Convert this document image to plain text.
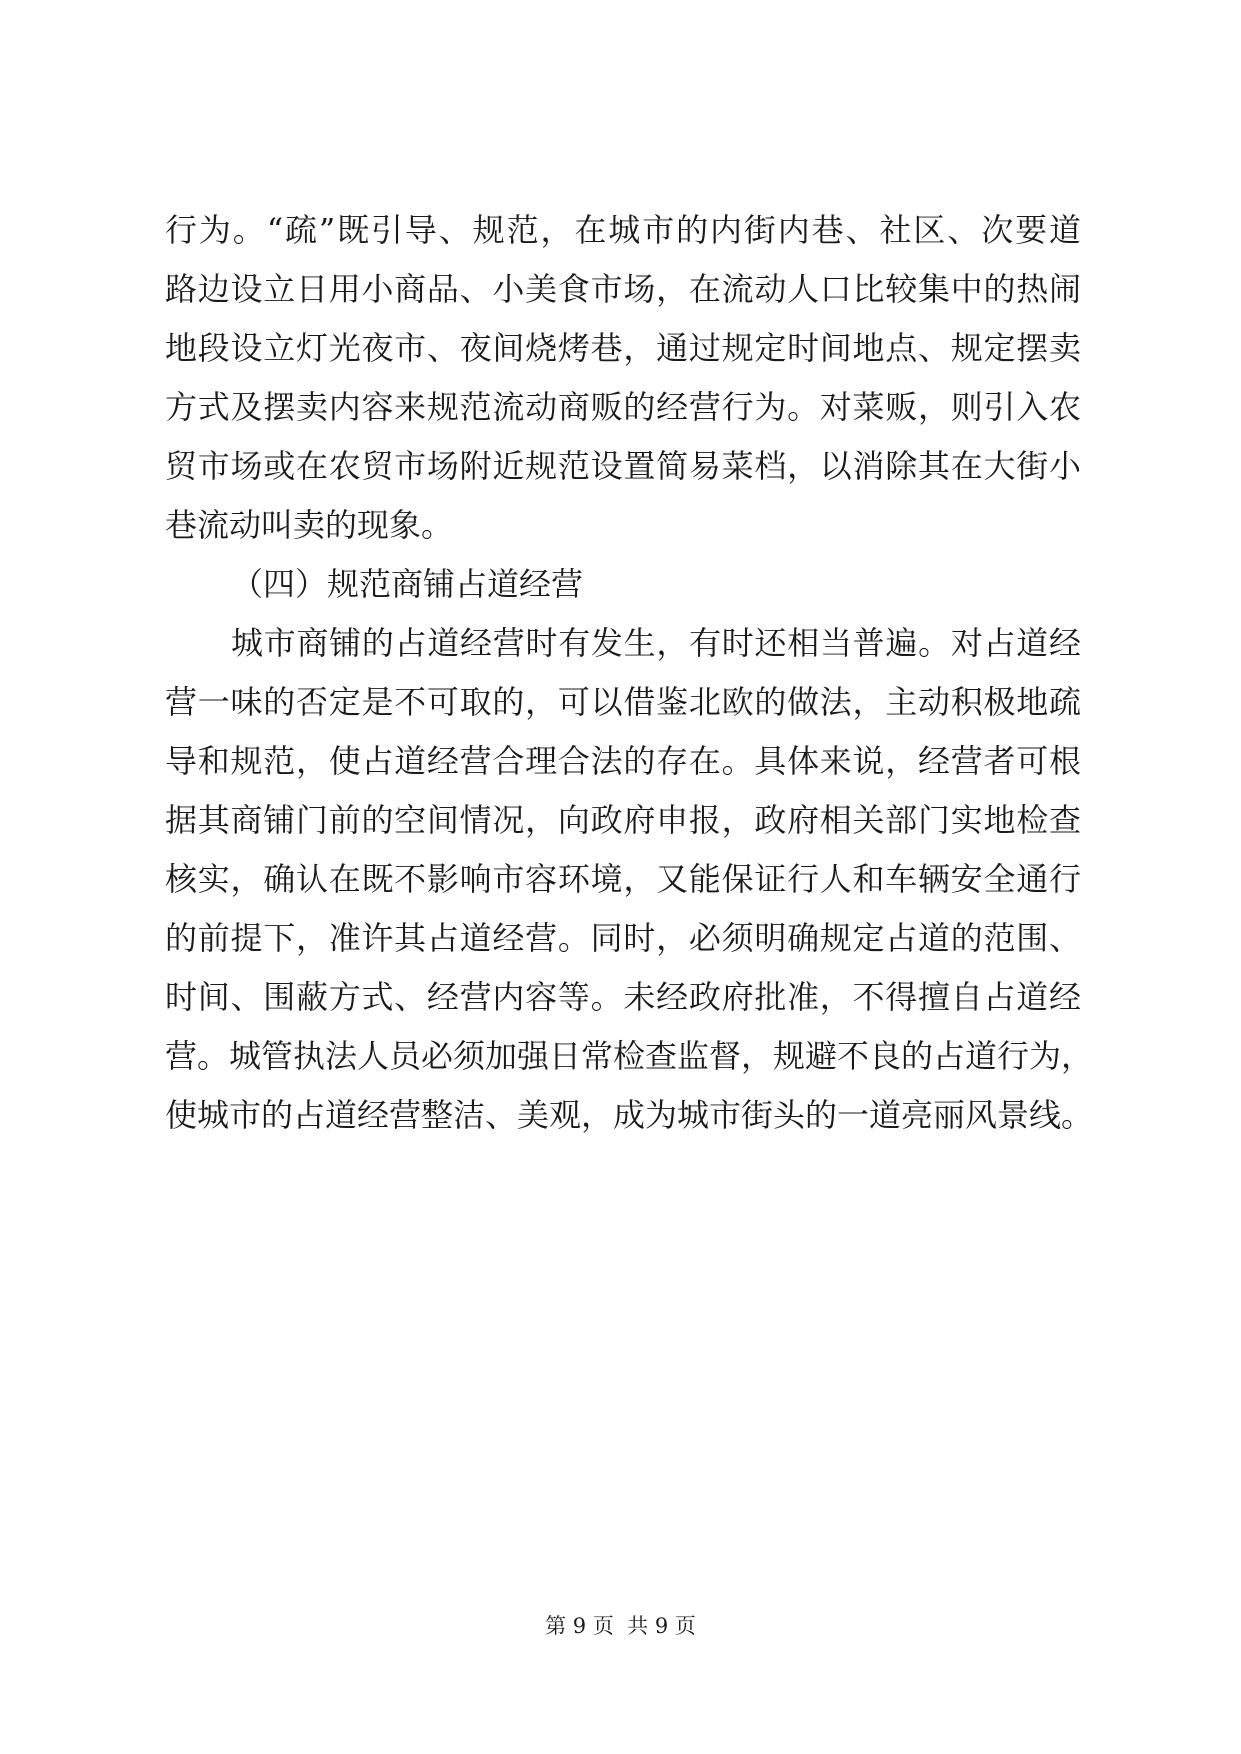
行为。“疏”既引导、规范，在城市的内街内巷、社区、次要道
路边设立日用小商品、小美食市场，在流动人口比较集中的热闹
地段设立灯光夜市、夜间烧烤巷，通过规定时间地点、规定摆卖
方式及摆卖内容来规范流动商贩的经营行为。对菜贩，则引入农
贸市场或在农贸市场附近规范设置简易菜档，以消除其在大街小
巷流动叫卖的现象。
（四）规范商铺占道经营
城市商铺的占道经营时有发生，有时还相当普遍。对占道经
营一味的否定是不可取的，可以借鉴北欧的做法，主动积极地疏
导和规范，使占道经营合理合法的存在。具体来说，经营者可根
据其商铺门前的空间情况，向政府申报，政府相关部门实地检查
核实，确认在既不影响市容环境，又能保证行人和车辆安全通行
的前提下，准许其占道经营。同时，必须明确规定占道的范围、
时间、围蔽方式、经营内容等。未经政府批准，不得擅自占道经
营。城管执法人员必须加强日常检查监督，规避不良的占道行为，
使城市的占道经营整洁、美观，成为城市街头的一道亮丽风景线。
第 9 页  共 9 页
